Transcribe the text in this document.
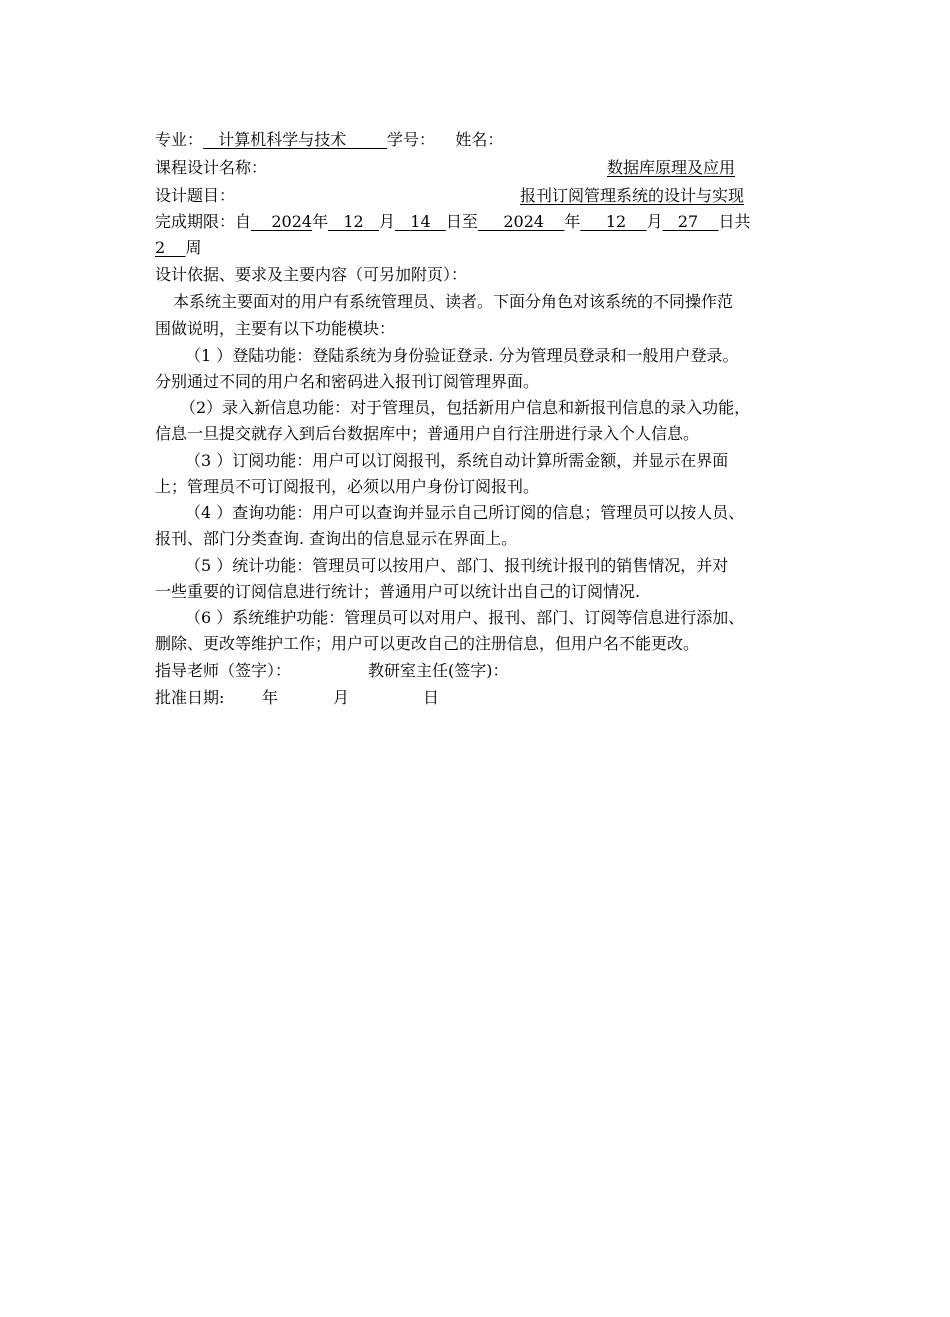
专业： 计算机科学与技术	学号： 姓名：
课程设计名称：	数据库原理及应用
设计题目：	报刊订阅管理系统的设计与实现
完成期限：自 2024年 12 月 14 日至 2024 年 12 月 27 日共
2 周
设计依据、要求及主要内容（可另加附页）：
本系统主要面对的用户有系统管理员、读者。下面分角色对该系统的不同操作范
围做说明，主要有以下功能模块：
（1 ）登陆功能：登陆系统为身份验证登录. 分为管理员登录和一般用户登录。
分别通过不同的用户名和密码进入报刊订阅管理界面。
（2）录入新信息功能：对于管理员，包括新用户信息和新报刊信息的录入功能，
信息一旦提交就存入到后台数据库中；普通用户自行注册进行录入个人信息。
（3 ）订阅功能：用户可以订阅报刊，系统自动计算所需金额，并显示在界面
上；管理员不可订阅报刊，必须以用户身份订阅报刊。
（4 ）查询功能：用户可以查询并显示自己所订阅的信息；管理员可以按人员、
报刊、部门分类查询. 查询出的信息显示在界面上。
（5 ）统计功能：管理员可以按用户、部门、报刊统计报刊的销售情况，并对
一些重要的订阅信息进行统计；普通用户可以统计出自己的订阅情况.
（6 ）系统维护功能：管理员可以对用户、报刊、部门、订阅等信息进行添加、
删除、更改等维护工作；用户可以更改自己的注册信息，但用户名不能更改。
指导老师（签字）：	教研室主任(签字)：
批准日期: 年	月	日
